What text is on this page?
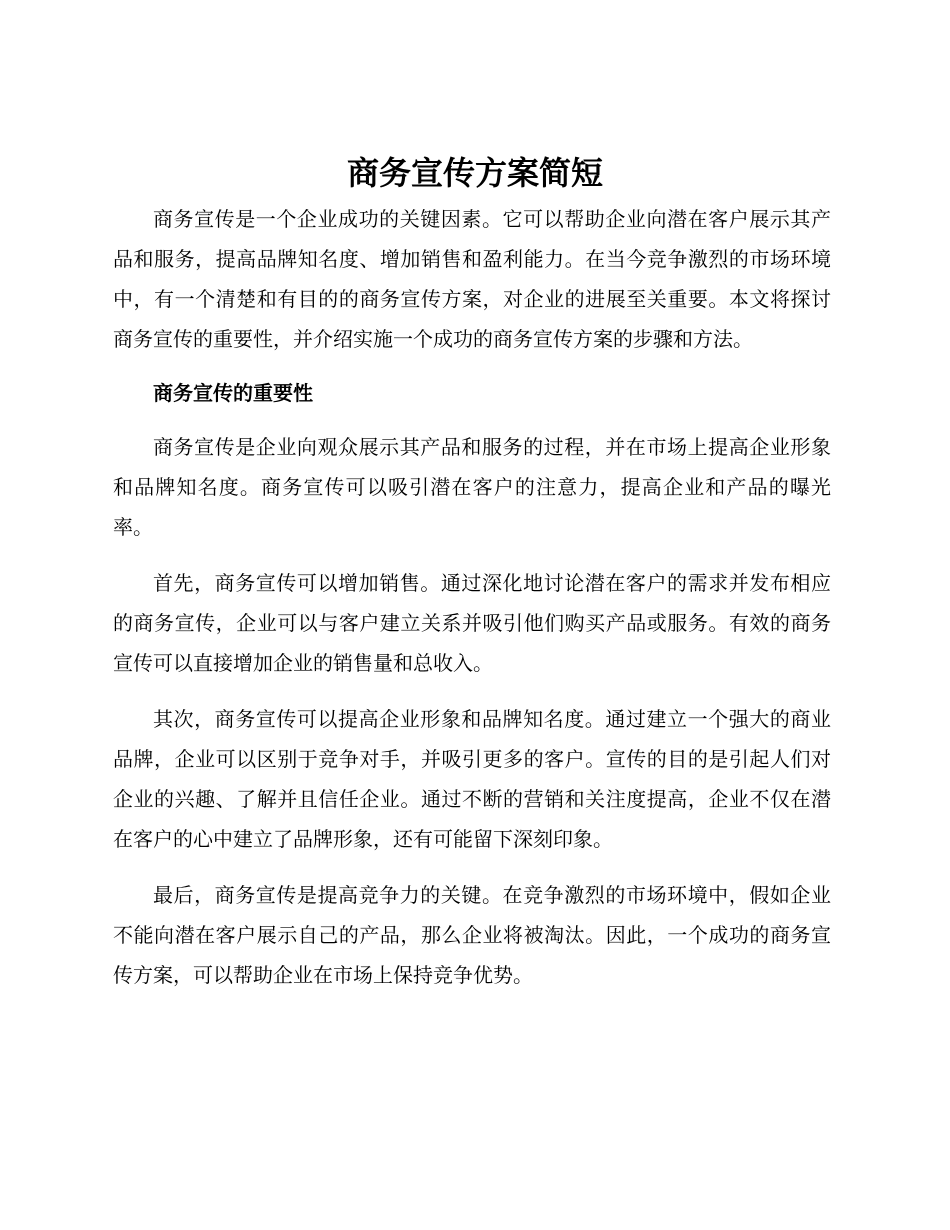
商务宣传方案简短

商务宣传是一个企业成功的关键因素。它可以帮助企业向潜在客户展示其产品和服务，提高品牌知名度、增加销售和盈利能力。在当今竞争激烈的市场环境中，有一个清楚和有目的的商务宣传方案，对企业的进展至关重要。本文将探讨商务宣传的重要性，并介绍实施一个成功的商务宣传方案的步骤和方法。

商务宣传的重要性

商务宣传是企业向观众展示其产品和服务的过程，并在市场上提高企业形象和品牌知名度。商务宣传可以吸引潜在客户的注意力，提高企业和产品的曝光率。

首先，商务宣传可以增加销售。通过深化地讨论潜在客户的需求并发布相应的商务宣传，企业可以与客户建立关系并吸引他们购买产品或服务。有效的商务宣传可以直接增加企业的销售量和总收入。

其次，商务宣传可以提高企业形象和品牌知名度。通过建立一个强大的商业品牌，企业可以区别于竞争对手，并吸引更多的客户。宣传的目的是引起人们对企业的兴趣、了解并且信任企业。通过不断的营销和关注度提高，企业不仅在潜在客户的心中建立了品牌形象，还有可能留下深刻印象。

最后，商务宣传是提高竞争力的关键。在竞争激烈的市场环境中，假如企业不能向潜在客户展示自己的产品，那么企业将被淘汰。因此，一个成功的商务宣传方案，可以帮助企业在市场上保持竞争优势。
